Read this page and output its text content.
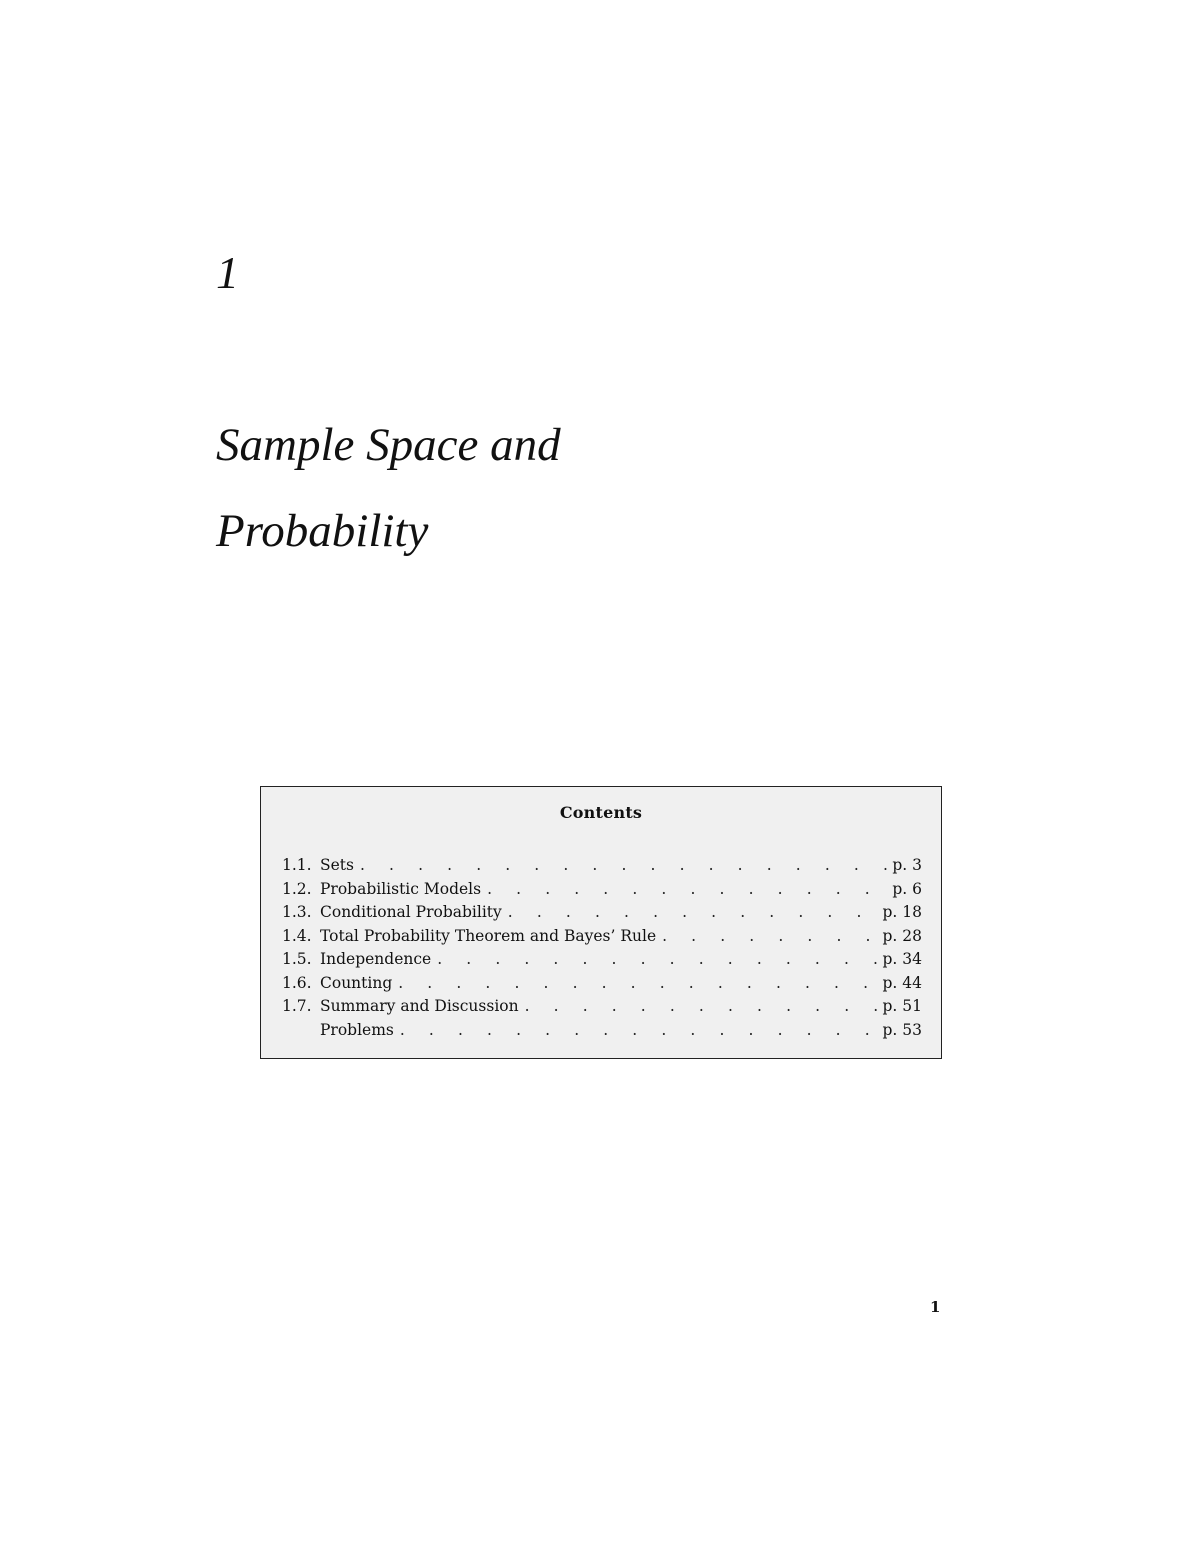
1
Sample Space and
Probability
Contents
1.1. Sets . . .	p. 3
1.2. Probabilistic Models . . .	p. 6
1.3. Conditional Probability . . .	p. 18
1.4. Total Probability Theorem and Bayes’ Rule . . .	p. 28
1.5. Independence . . .	p. 34
1.6. Counting . . .	p. 44
1.7. Summary and Discussion . . .	p. 51
Problems . . .	p. 53

1
